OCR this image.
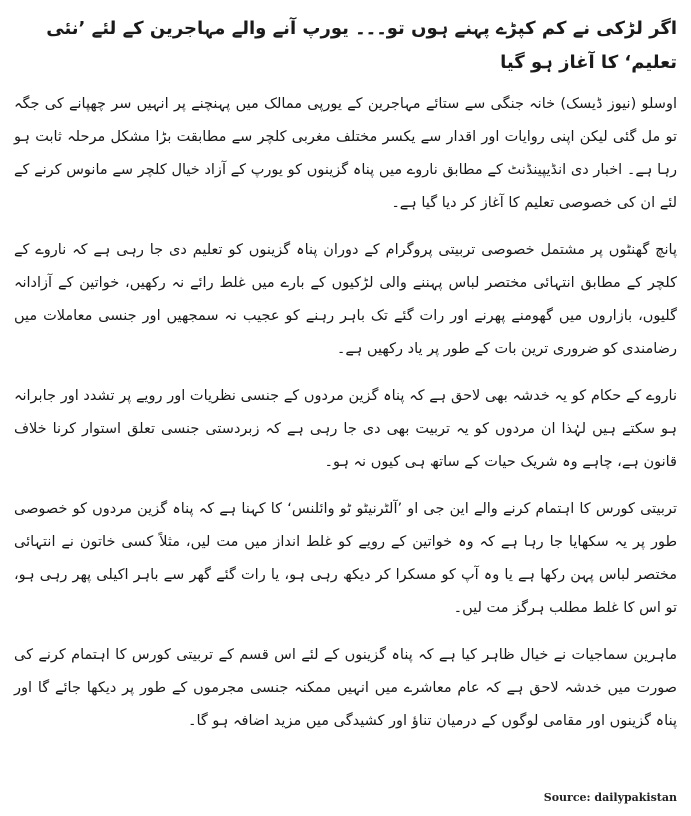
اگر لڑکی نے کم کپڑے پہنے ہوں تو۔۔۔ یورپ آنے والے مہاجرین کے لئے ’نئی تعلیم‘ کا آغاز ہو گیا

اوسلو (نیوز ڈیسک) خانہ جنگی سے ستائے مہاجرین کے یورپی ممالک میں پہنچنے پر انہیں سر چھپانے کی جگہ تو مل گئی لیکن اپنی روایات اور اقدار سے یکسر مختلف مغربی کلچر سے مطابقت بڑا مشکل مرحلہ ثابت ہو رہا ہے۔ اخبار دی انڈیپینڈنٹ کے مطابق ناروے میں پناہ گزینوں کو یورپ کے آزاد خیال کلچر سے مانوس کرنے کے لئے ان کی خصوصی تعلیم کا آغاز کر دیا گیا ہے۔

پانچ گھنٹوں پر مشتمل خصوصی تربیتی پروگرام کے دوران پناہ گزینوں کو تعلیم دی جا رہی ہے کہ ناروے کے کلچر کے مطابق انتہائی مختصر لباس پہننے والی لڑکیوں کے بارے میں غلط رائے نہ رکھیں، خواتین کے آزادانہ گلیوں، بازاروں میں گھومنے پھرنے اور رات گئے تک باہر رہنے کو عجیب نہ سمجھیں اور جنسی معاملات میں رضامندی کو ضروری ترین بات کے طور پر یاد رکھیں ہے۔

ناروے کے حکام کو یہ خدشہ بھی لاحق ہے کہ پناہ گزین مردوں کے جنسی نظریات اور رویے پر تشدد اور جابرانہ ہو سکتے ہیں لہٰذا ان مردوں کو یہ تربیت بھی دی جا رہی ہے کہ زبردستی جنسی تعلق استوار کرنا خلاف قانون ہے، چاہے وہ شریک حیات کے ساتھ ہی کیوں نہ ہو۔

تربیتی کورس کا اہتمام کرنے والے این جی او ’آلٹرنیٹو ٹو وائلنس‘ کا کہنا ہے کہ پناہ گزین مردوں کو خصوصی طور پر یہ سکھایا جا رہا ہے کہ وہ خواتین کے رویے کو غلط انداز میں مت لیں، مثلاً کسی خاتون نے انتہائی مختصر لباس پہن رکھا ہے یا وہ آپ کو مسکرا کر دیکھ رہی ہو، یا رات گئے گھر سے باہر اکیلی پھر رہی ہو، تو اس کا غلط مطلب ہرگز مت لیں۔

ماہرین سماجیات نے خیال ظاہر کیا ہے کہ پناہ گزینوں کے لئے اس قسم کے تربیتی کورس کا اہتمام کرنے کی صورت میں خدشہ لاحق ہے کہ عام معاشرے میں انہیں ممکنہ جنسی مجرموں کے طور پر دیکھا جائے گا اور پناہ گزینوں اور مقامی لوگوں کے درمیان تناؤ اور کشیدگی میں مزید اضافہ ہو گا۔

Source: dailypakistan
